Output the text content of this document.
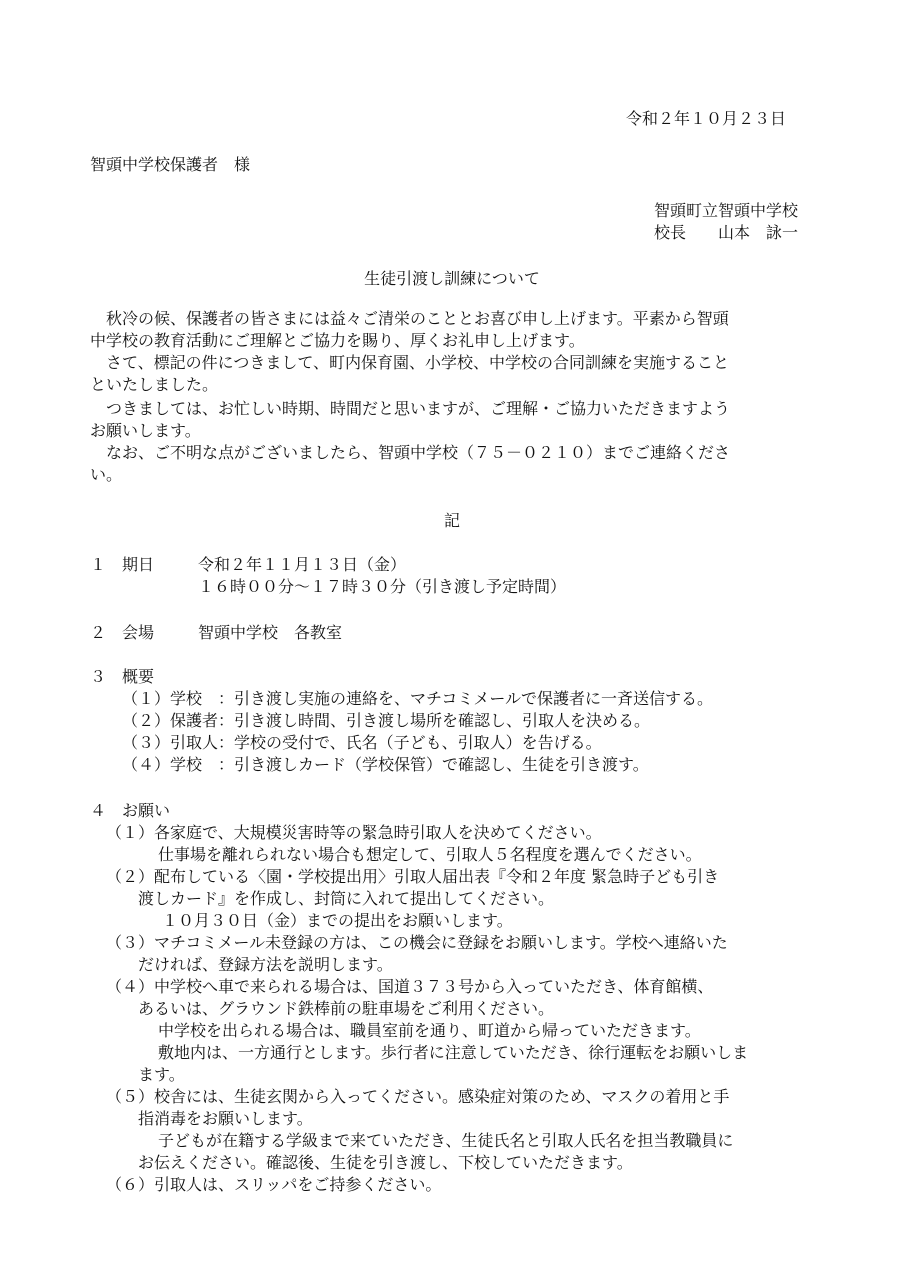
令和２年１０月２３日
智頭中学校保護者　様
智頭町立智頭中学校
校長　　山本　詠一
生徒引渡し訓練について
秋冷の候、保護者の皆さまには益々ご清栄のこととお喜び申し上げます。平素から智頭
中学校の教育活動にご理解とご協力を賜り、厚くお礼申し上げます。
さて、標記の件につきまして、町内保育園、小学校、中学校の合同訓練を実施すること
といたしました。
つきましては、お忙しい時期、時間だと思いますが、ご理解・ご協力いただきますよう
お願いします。
なお、ご不明な点がございましたら、智頭中学校（７５－０２１０）までご連絡くださ
い。
記
１　期日	令和２年１１月１３日（金）
１６時００分～１７時３０分（引き渡し予定時間）
２　会場	智頭中学校　各教室
３　概要
（１）学校　：引き渡し実施の連絡を、マチコミメールで保護者に一斉送信する。
（２）保護者：引き渡し時間、引き渡し場所を確認し、引取人を決める。
（３）引取人：学校の受付で、氏名（子ども、引取人）を告げる。
（４）学校　：引き渡しカード（学校保管）で確認し、生徒を引き渡す。
４　お願い
（１）各家庭で、大規模災害時等の緊急時引取人を決めてください。
仕事場を離れられない場合も想定して、引取人５名程度を選んでください。
（２）配布している〈園・学校提出用〉引取人届出表『令和２年度 緊急時子ども引き
渡しカード』を作成し、封筒に入れて提出してください。
１０月３０日（金）までの提出をお願いします。
（３）マチコミメール未登録の方は、この機会に登録をお願いします。学校へ連絡いた
だければ、登録方法を説明します。
（４）中学校へ車で来られる場合は、国道３７３号から入っていただき、体育館横、
あるいは、グラウンド鉄棒前の駐車場をご利用ください。
中学校を出られる場合は、職員室前を通り、町道から帰っていただきます。
敷地内は、一方通行とします。歩行者に注意していただき、徐行運転をお願いしま
ます。
（５）校舎には、生徒玄関から入ってください。感染症対策のため、マスクの着用と手
指消毒をお願いします。
子どもが在籍する学級まで来ていただき、生徒氏名と引取人氏名を担当教職員に
お伝えください。確認後、生徒を引き渡し、下校していただきます。
（６）引取人は、スリッパをご持参ください。
